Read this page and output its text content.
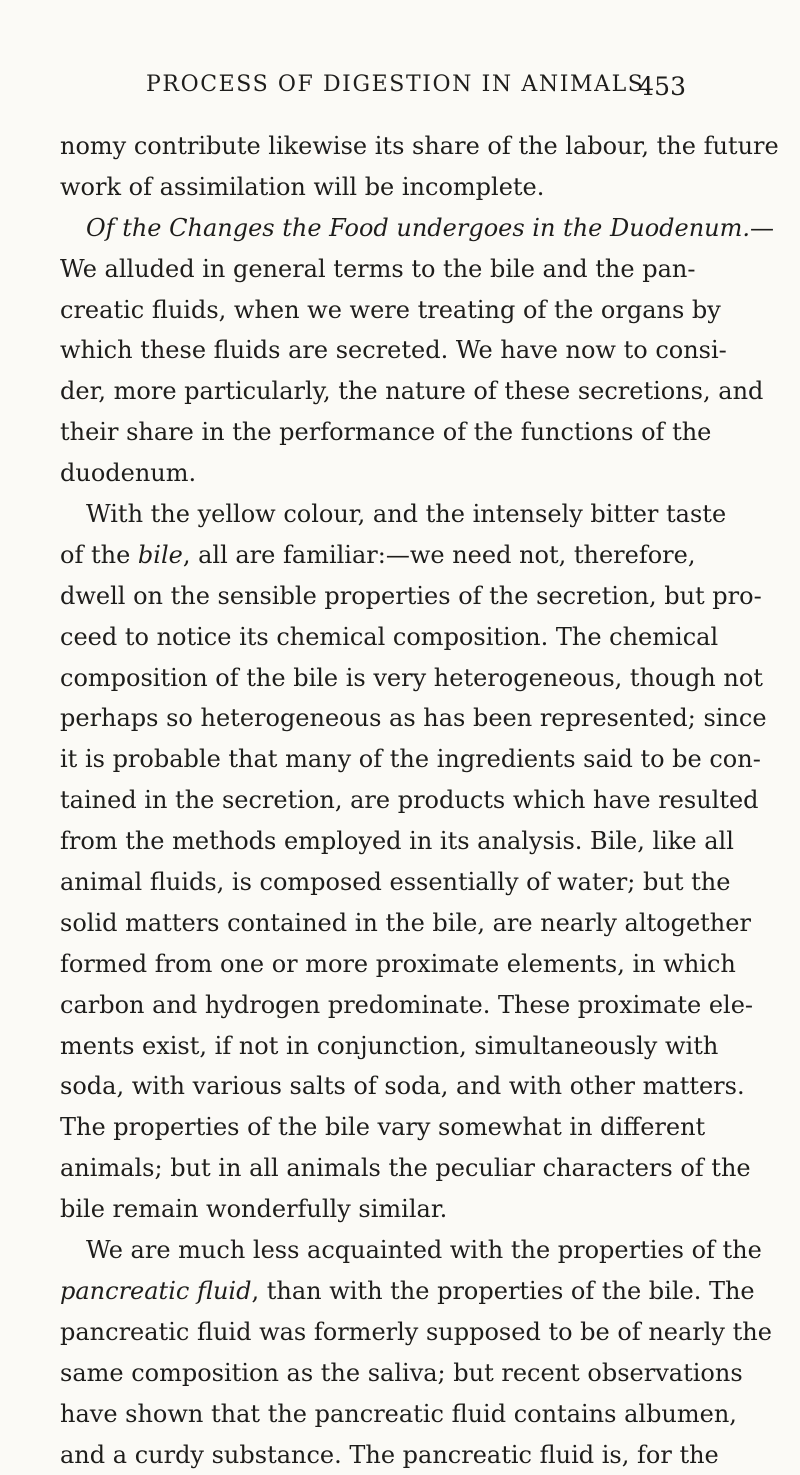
PROCESS OF DIGESTION IN ANIMALS.
453
nomy contribute likewise its share of the labour, the future
work of assimilation will be incomplete.
Of the Changes the Food undergoes in the Duodenum.—
We alluded in general terms to the bile and the pan-
creatic fluids, when we were treating of the organs by
which these fluids are secreted. We have now to consi-
der, more particularly, the nature of these secretions, and
their share in the performance of the functions of the
duodenum.
With the yellow colour, and the intensely bitter taste
of the bile, all are familiar:—we need not, therefore,
dwell on the sensible properties of the secretion, but pro-
ceed to notice its chemical composition. The chemical
composition of the bile is very heterogeneous, though not
perhaps so heterogeneous as has been represented; since
it is probable that many of the ingredients said to be con-
tained in the secretion, are products which have resulted
from the methods employed in its analysis. Bile, like all
animal fluids, is composed essentially of water; but the
solid matters contained in the bile, are nearly altogether
formed from one or more proximate elements, in which
carbon and hydrogen predominate. These proximate ele-
ments exist, if not in conjunction, simultaneously with
soda, with various salts of soda, and with other matters.
The properties of the bile vary somewhat in different
animals; but in all animals the peculiar characters of the
bile remain wonderfully similar.
We are much less acquainted with the properties of the
pancreatic fluid, than with the properties of the bile. The
pancreatic fluid was formerly supposed to be of nearly the
same composition as the saliva; but recent observations
have shown that the pancreatic fluid contains albumen,
and a curdy substance. The pancreatic fluid is, for the
